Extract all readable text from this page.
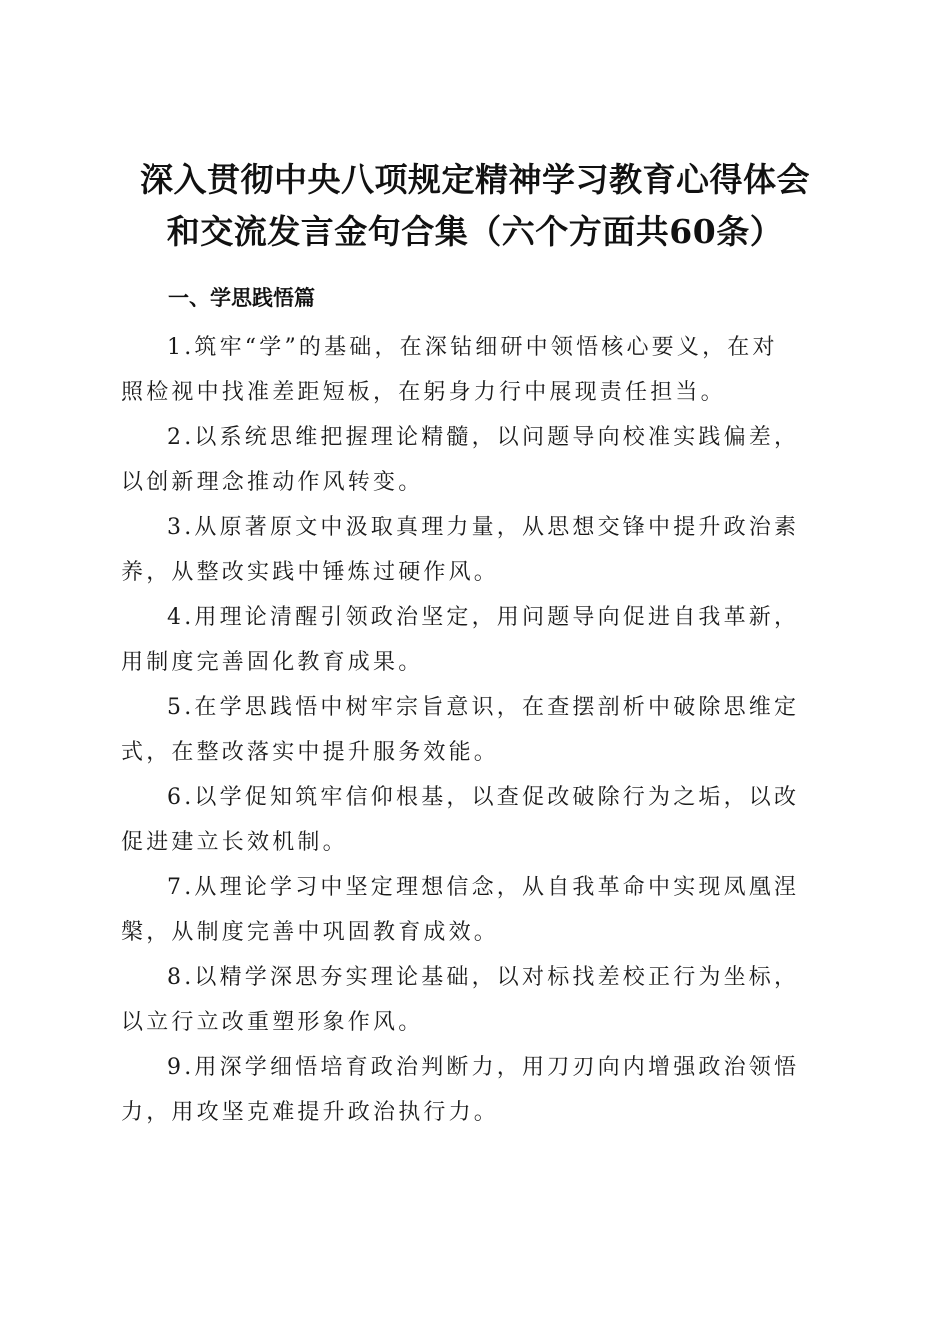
深入贯彻中央八项规定精神学习教育心得体会
和交流发言金句合集（六个方面共60条）
一、学思践悟篇

1.筑牢“学”的基础，在深钻细研中领悟核心要义，在对
照检视中找准差距短板，在躬身力行中展现责任担当。

2.以系统思维把握理论精髓，以问题导向校准实践偏差，
以创新理念推动作风转变。

3.从原著原文中汲取真理力量，从思想交锋中提升政治素
养，从整改实践中锤炼过硬作风。

4.用理论清醒引领政治坚定，用问题导向促进自我革新，
用制度完善固化教育成果。

5.在学思践悟中树牢宗旨意识，在查摆剖析中破除思维定
式，在整改落实中提升服务效能。

6.以学促知筑牢信仰根基，以查促改破除行为之垢，以改
促进建立长效机制。

7.从理论学习中坚定理想信念，从自我革命中实现凤凰涅
槃，从制度完善中巩固教育成效。

8.以精学深思夯实理论基础，以对标找差校正行为坐标，
以立行立改重塑形象作风。

9.用深学细悟培育政治判断力，用刀刃向内增强政治领悟
力，用攻坚克难提升政治执行力。
